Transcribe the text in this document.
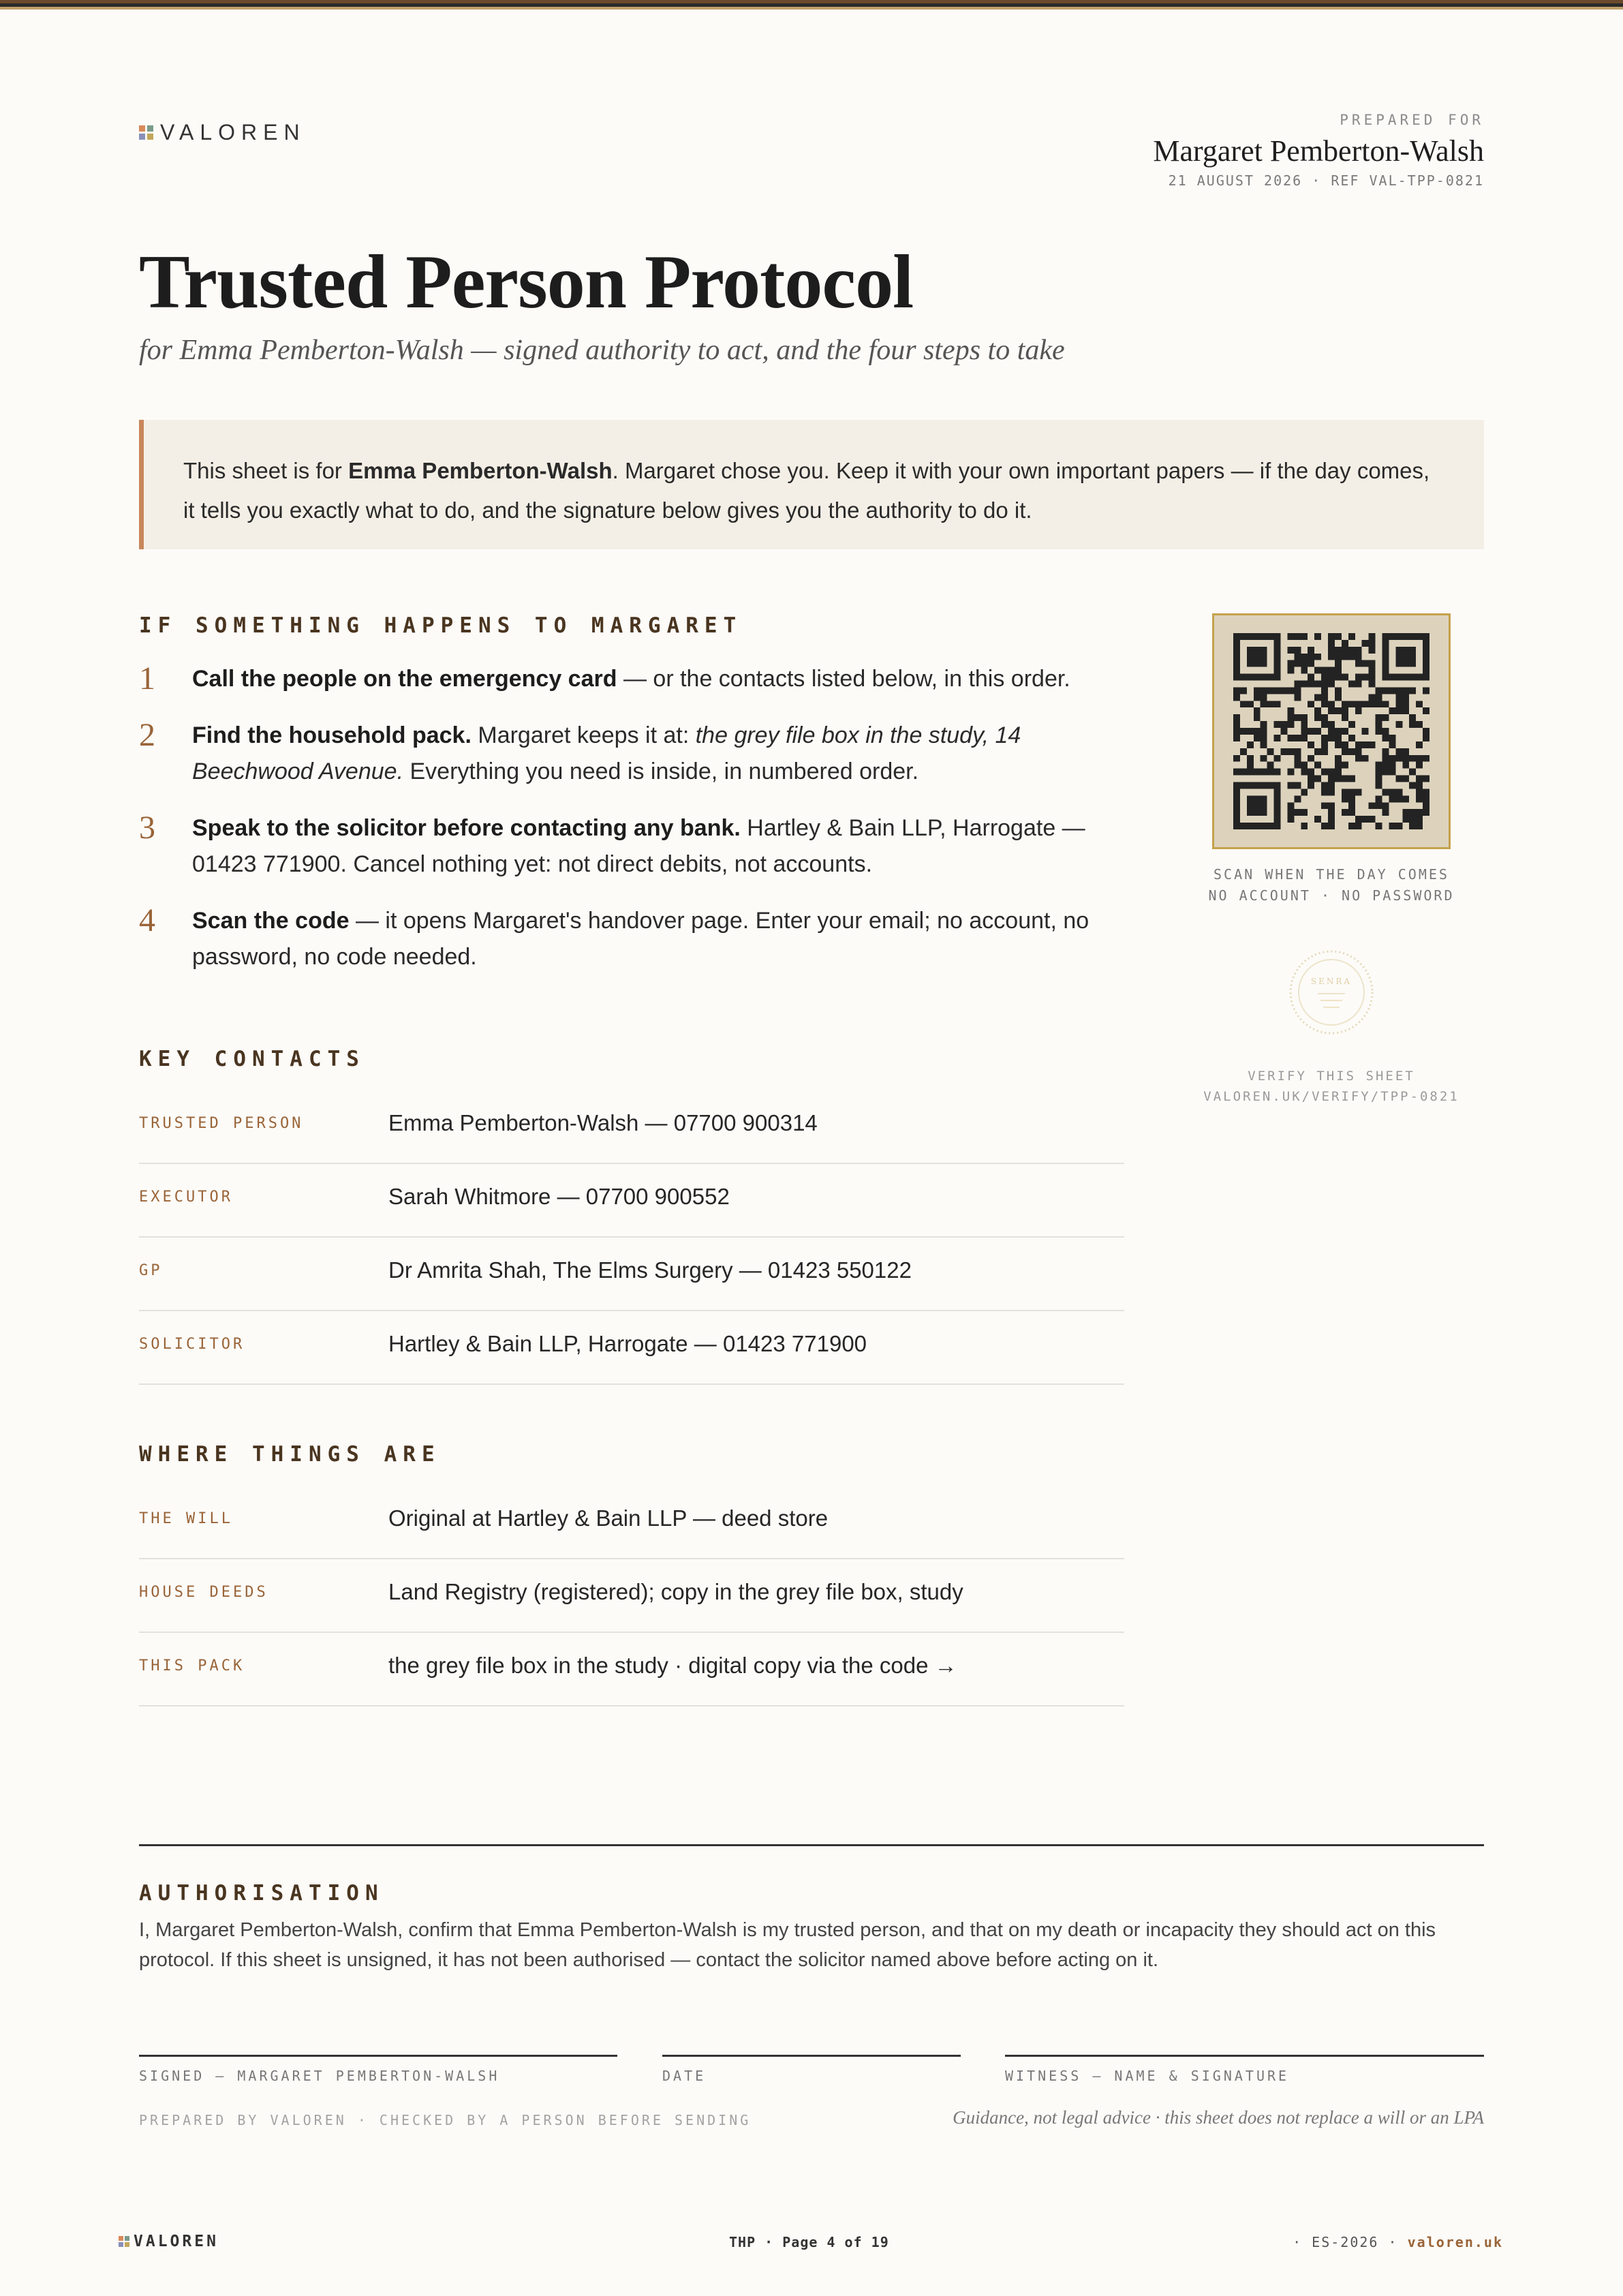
VALOREN	PREPARED FOR
Margaret Pemberton-Walsh
21 AUGUST 2026 · REF VAL-TPP-0821
Trusted Person Protocol
for Emma Pemberton-Walsh — signed authority to act, and the four steps to take
This sheet is for Emma Pemberton-Walsh. Margaret chose you. Keep it with your own important papers — if the day comes, it tells you exactly what to do, and the signature below gives you the authority to do it.
IF SOMETHING HAPPENS TO MARGARET
1	Call the people on the emergency card — or the contacts listed below, in this order.
2	Find the household pack. Margaret keeps it at: the grey file box in the study, 14 Beechwood Avenue. Everything you need is inside, in numbered order.
3	Speak to the solicitor before contacting any bank. Hartley & Bain LLP, Harrogate — 01423 771900. Cancel nothing yet: not direct debits, not accounts.
4	Scan the code — it opens Margaret's handover page. Enter your email; no account, no password, no code needed.
SCAN WHEN THE DAY COMES
NO ACCOUNT · NO PASSWORD
SENRA
VERIFY THIS SHEET
VALOREN.UK/VERIFY/TPP-0821
KEY CONTACTS
TRUSTED PERSON	Emma Pemberton-Walsh — 07700 900314
EXECUTOR	Sarah Whitmore — 07700 900552
GP	Dr Amrita Shah, The Elms Surgery — 01423 550122
SOLICITOR	Hartley & Bain LLP, Harrogate — 01423 771900
WHERE THINGS ARE
THE WILL	Original at Hartley & Bain LLP — deed store
HOUSE DEEDS	Land Registry (registered); copy in the grey file box, study
THIS PACK	the grey file box in the study · digital copy via the code →
AUTHORISATION
I, Margaret Pemberton-Walsh, confirm that Emma Pemberton-Walsh is my trusted person, and that on my death or incapacity they should act on this protocol. If this sheet is unsigned, it has not been authorised — contact the solicitor named above before acting on it.
SIGNED — MARGARET PEMBERTON-WALSH	DATE	WITNESS — NAME & SIGNATURE
PREPARED BY VALOREN · CHECKED BY A PERSON BEFORE SENDING	Guidance, not legal advice · this sheet does not replace a will or an LPA
VALOREN	THP · Page 4 of 19	· ES-2026 · valoren.uk
